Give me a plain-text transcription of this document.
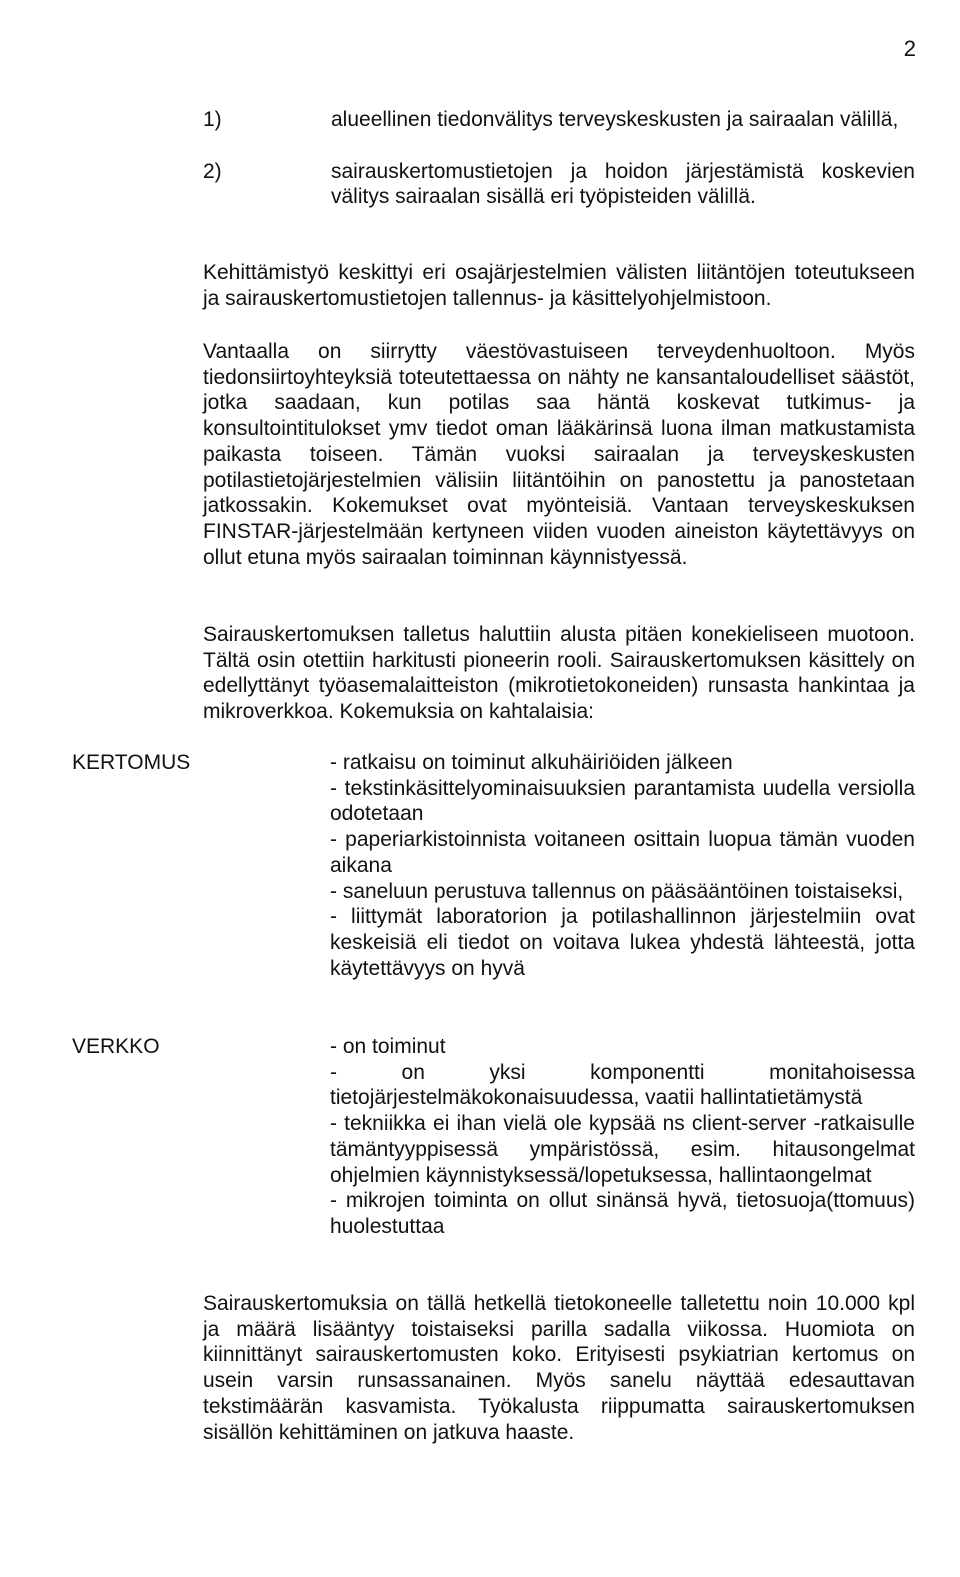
2
1)	alueellinen tiedonvälitys terveyskeskusten ja sairaalan välillä,
2)	sairauskertomustietojen ja hoidon järjestämistä koskevien välitys sairaalan sisällä eri työpisteiden välillä.

Kehittämistyö keskittyi eri osajärjestelmien välisten liitäntöjen toteutukseen ja sairauskertomustietojen tallennus- ja käsittelyohjelmistoon.

Vantaalla on siirrytty väestövastuiseen terveydenhuoltoon. Myös tiedonsiirtoyhteyksiä toteutettaessa on nähty ne kansantaloudelliset säästöt, jotka saadaan, kun potilas saa häntä koskevat tutkimus- ja konsultointitulokset ymv tiedot oman lääkärinsä luona ilman matkustamista paikasta toiseen. Tämän vuoksi sairaalan ja terveyskeskusten potilastietojärjestelmien välisiin liitäntöihin on panostettu ja panostetaan jatkossakin. Kokemukset ovat myönteisiä. Vantaan terveyskeskuksen FINSTAR-järjestelmään kertyneen viiden vuoden aineiston käytettävyys on ollut etuna myös sairaalan toiminnan käynnistyessä.

Sairauskertomuksen talletus haluttiin alusta pitäen konekieliseen muotoon. Tältä osin otettiin harkitusti pioneerin rooli. Sairauskertomuksen käsittely on edellyttänyt työasemalaitteiston (mikrotietokoneiden) runsasta hankintaa ja mikroverkkoa. Kokemuksia on kahtalaisia:

KERTOMUS	- ratkaisu on toiminut alkuhäiriöiden jälkeen
- tekstinkäsittelyominaisuuksien parantamista uudella versiolla odotetaan
- paperiarkistoinnista voitaneen osittain luopua tämän vuoden aikana
- saneluun perustuva tallennus on pääsääntöinen toistaiseksi,
- liittymät laboratorion ja potilashallinnon järjestelmiin ovat keskeisiä eli tiedot on voitava lukea yhdestä lähteestä, jotta käytettävyys on hyvä
VERKKO	- on toiminut
- on yksi komponentti monitahoisessa tietojärjestelmäkokonaisuudessa, vaatii hallintatietämystä
- tekniikka ei ihan vielä ole kypsää ns client-server -ratkaisulle tämäntyyppisessä ympäristössä, esim. hitausongelmat ohjelmien käynnistyksessä/lopetuksessa, hallintaongelmat
- mikrojen toiminta on ollut sinänsä hyvä, tietosuoja(ttomuus) huolestuttaa

Sairauskertomuksia on tällä hetkellä tietokoneelle talletettu noin 10.000 kpl ja määrä lisääntyy toistaiseksi parilla sadalla viikossa. Huomiota on kiinnittänyt sairauskertomusten koko. Erityisesti psykiatrian kertomus on usein varsin runsassanainen. Myös sanelu näyttää edesauttavan tekstimäärän kasvamista. Työkalusta riippumatta sairauskertomuksen sisällön kehittäminen on jatkuva haaste.
